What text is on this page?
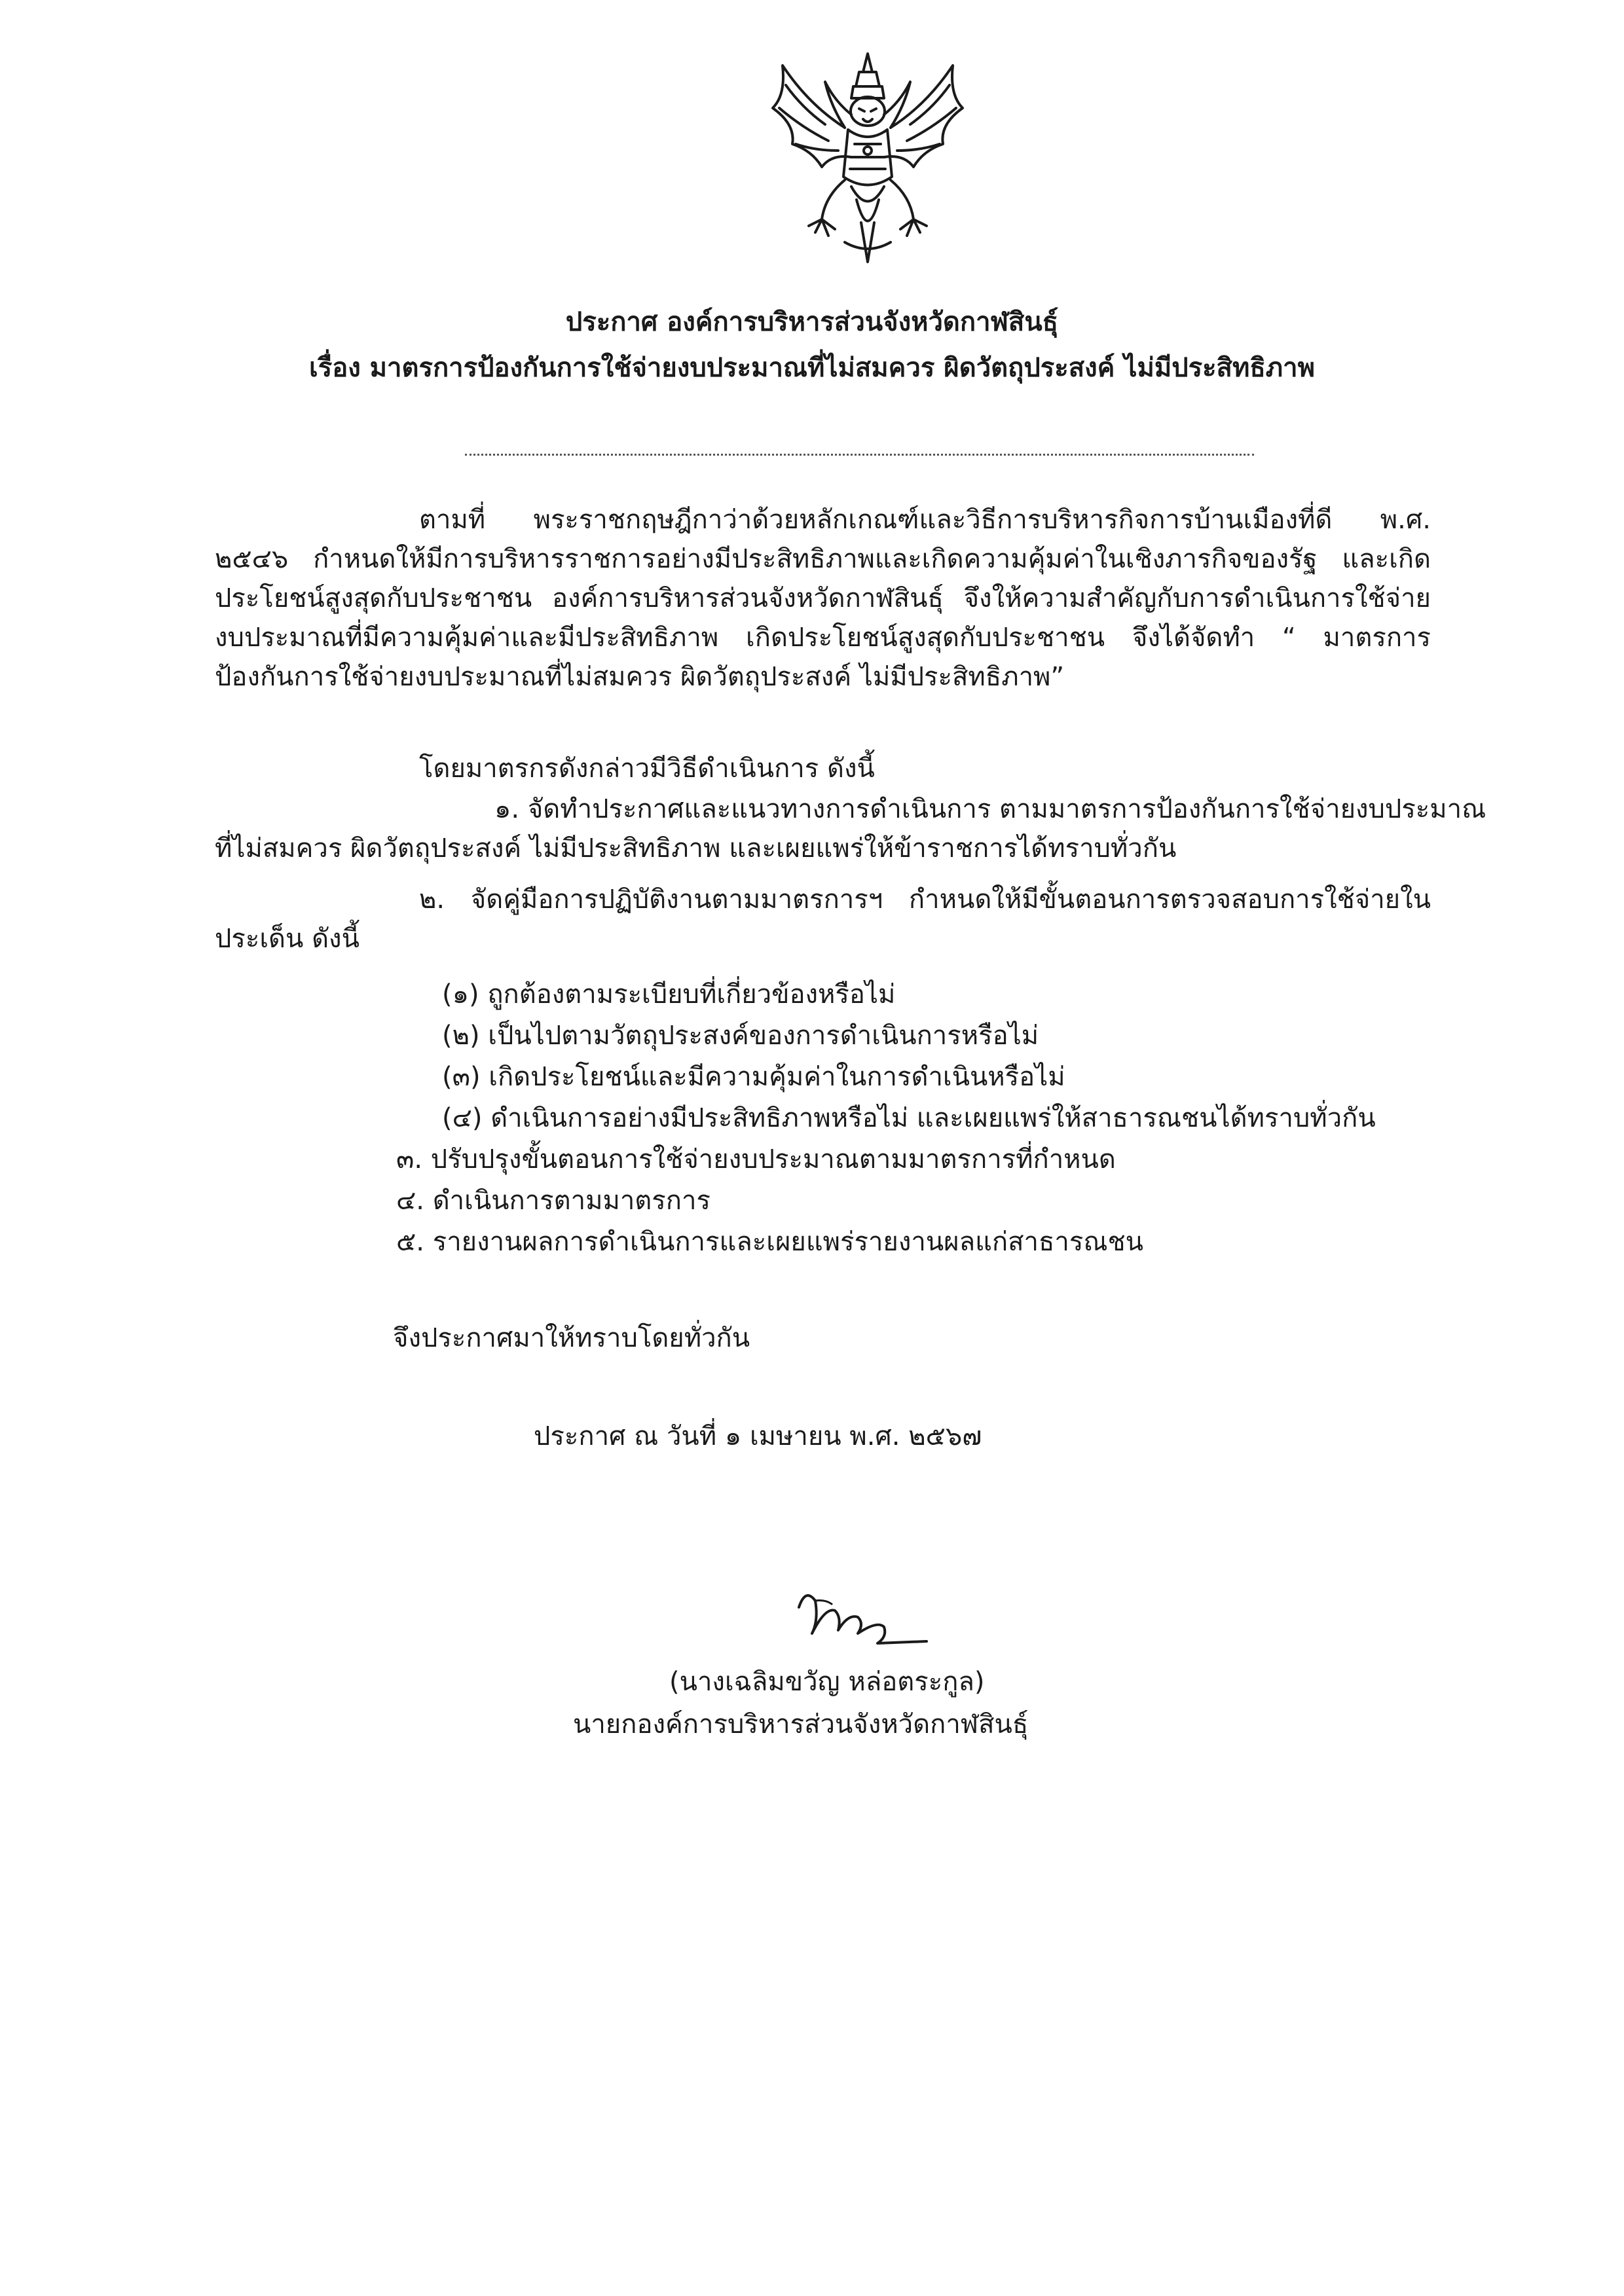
ประกาศ องค์การบริหารส่วนจังหวัดกาฬสินธุ์
เรื่อง มาตรการป้องกันการใช้จ่ายงบประมาณที่ไม่สมควร ผิดวัตถุประสงค์ ไม่มีประสิทธิภาพ
ตามที่ พระราชกฤษฎีกาว่าด้วยหลักเกณฑ์และวิธีการบริหารกิจการบ้านเมืองที่ดี พ.ศ.
๒๕๔๖ กำหนดให้มีการบริหารราชการอย่างมีประสิทธิภาพและเกิดความคุ้มค่าในเชิงภารกิจของรัฐ และเกิด
ประโยชน์สูงสุดกับประชาชน องค์การบริหารส่วนจังหวัดกาฬสินธุ์ จึงให้ความสำคัญกับการดำเนินการใช้จ่าย
งบประมาณที่มีความคุ้มค่าและมีประสิทธิภาพ เกิดประโยชน์สูงสุดกับประชาชน จึงได้จัดทำ “ มาตรการ
ป้องกันการใช้จ่ายงบประมาณที่ไม่สมควร ผิดวัตถุประสงค์ ไม่มีประสิทธิภาพ”
โดยมาตรกรดังกล่าวมีวิธีดำเนินการ ดังนี้
๑. จัดทำประกาศและแนวทางการดำเนินการ ตามมาตรการป้องกันการใช้จ่ายงบประมาณ
ที่ไม่สมควร ผิดวัตถุประสงค์ ไม่มีประสิทธิภาพ และเผยแพร่ให้ข้าราชการได้ทราบทั่วกัน
๒. จัดคู่มือการปฏิบัติงานตามมาตรการฯ กำหนดให้มีขั้นตอนการตรวจสอบการใช้จ่ายใน
ประเด็น ดังนี้
(๑) ถูกต้องตามระเบียบที่เกี่ยวข้องหรือไม่
(๒) เป็นไปตามวัตถุประสงค์ของการดำเนินการหรือไม่
(๓) เกิดประโยชน์และมีความคุ้มค่าในการดำเนินหรือไม่
(๔) ดำเนินการอย่างมีประสิทธิภาพหรือไม่ และเผยแพร่ให้สาธารณชนได้ทราบทั่วกัน
๓. ปรับปรุงขั้นตอนการใช้จ่ายงบประมาณตามมาตรการที่กำหนด
๔. ดำเนินการตามมาตรการ
๕. รายงานผลการดำเนินการและเผยแพร่รายงานผลแก่สาธารณชน
จึงประกาศมาให้ทราบโดยทั่วกัน
ประกาศ ณ วันที่ ๑ เมษายน พ.ศ. ๒๕๖๗
(นางเฉลิมขวัญ หล่อตระกูล)
นายกองค์การบริหารส่วนจังหวัดกาฬสินธุ์
